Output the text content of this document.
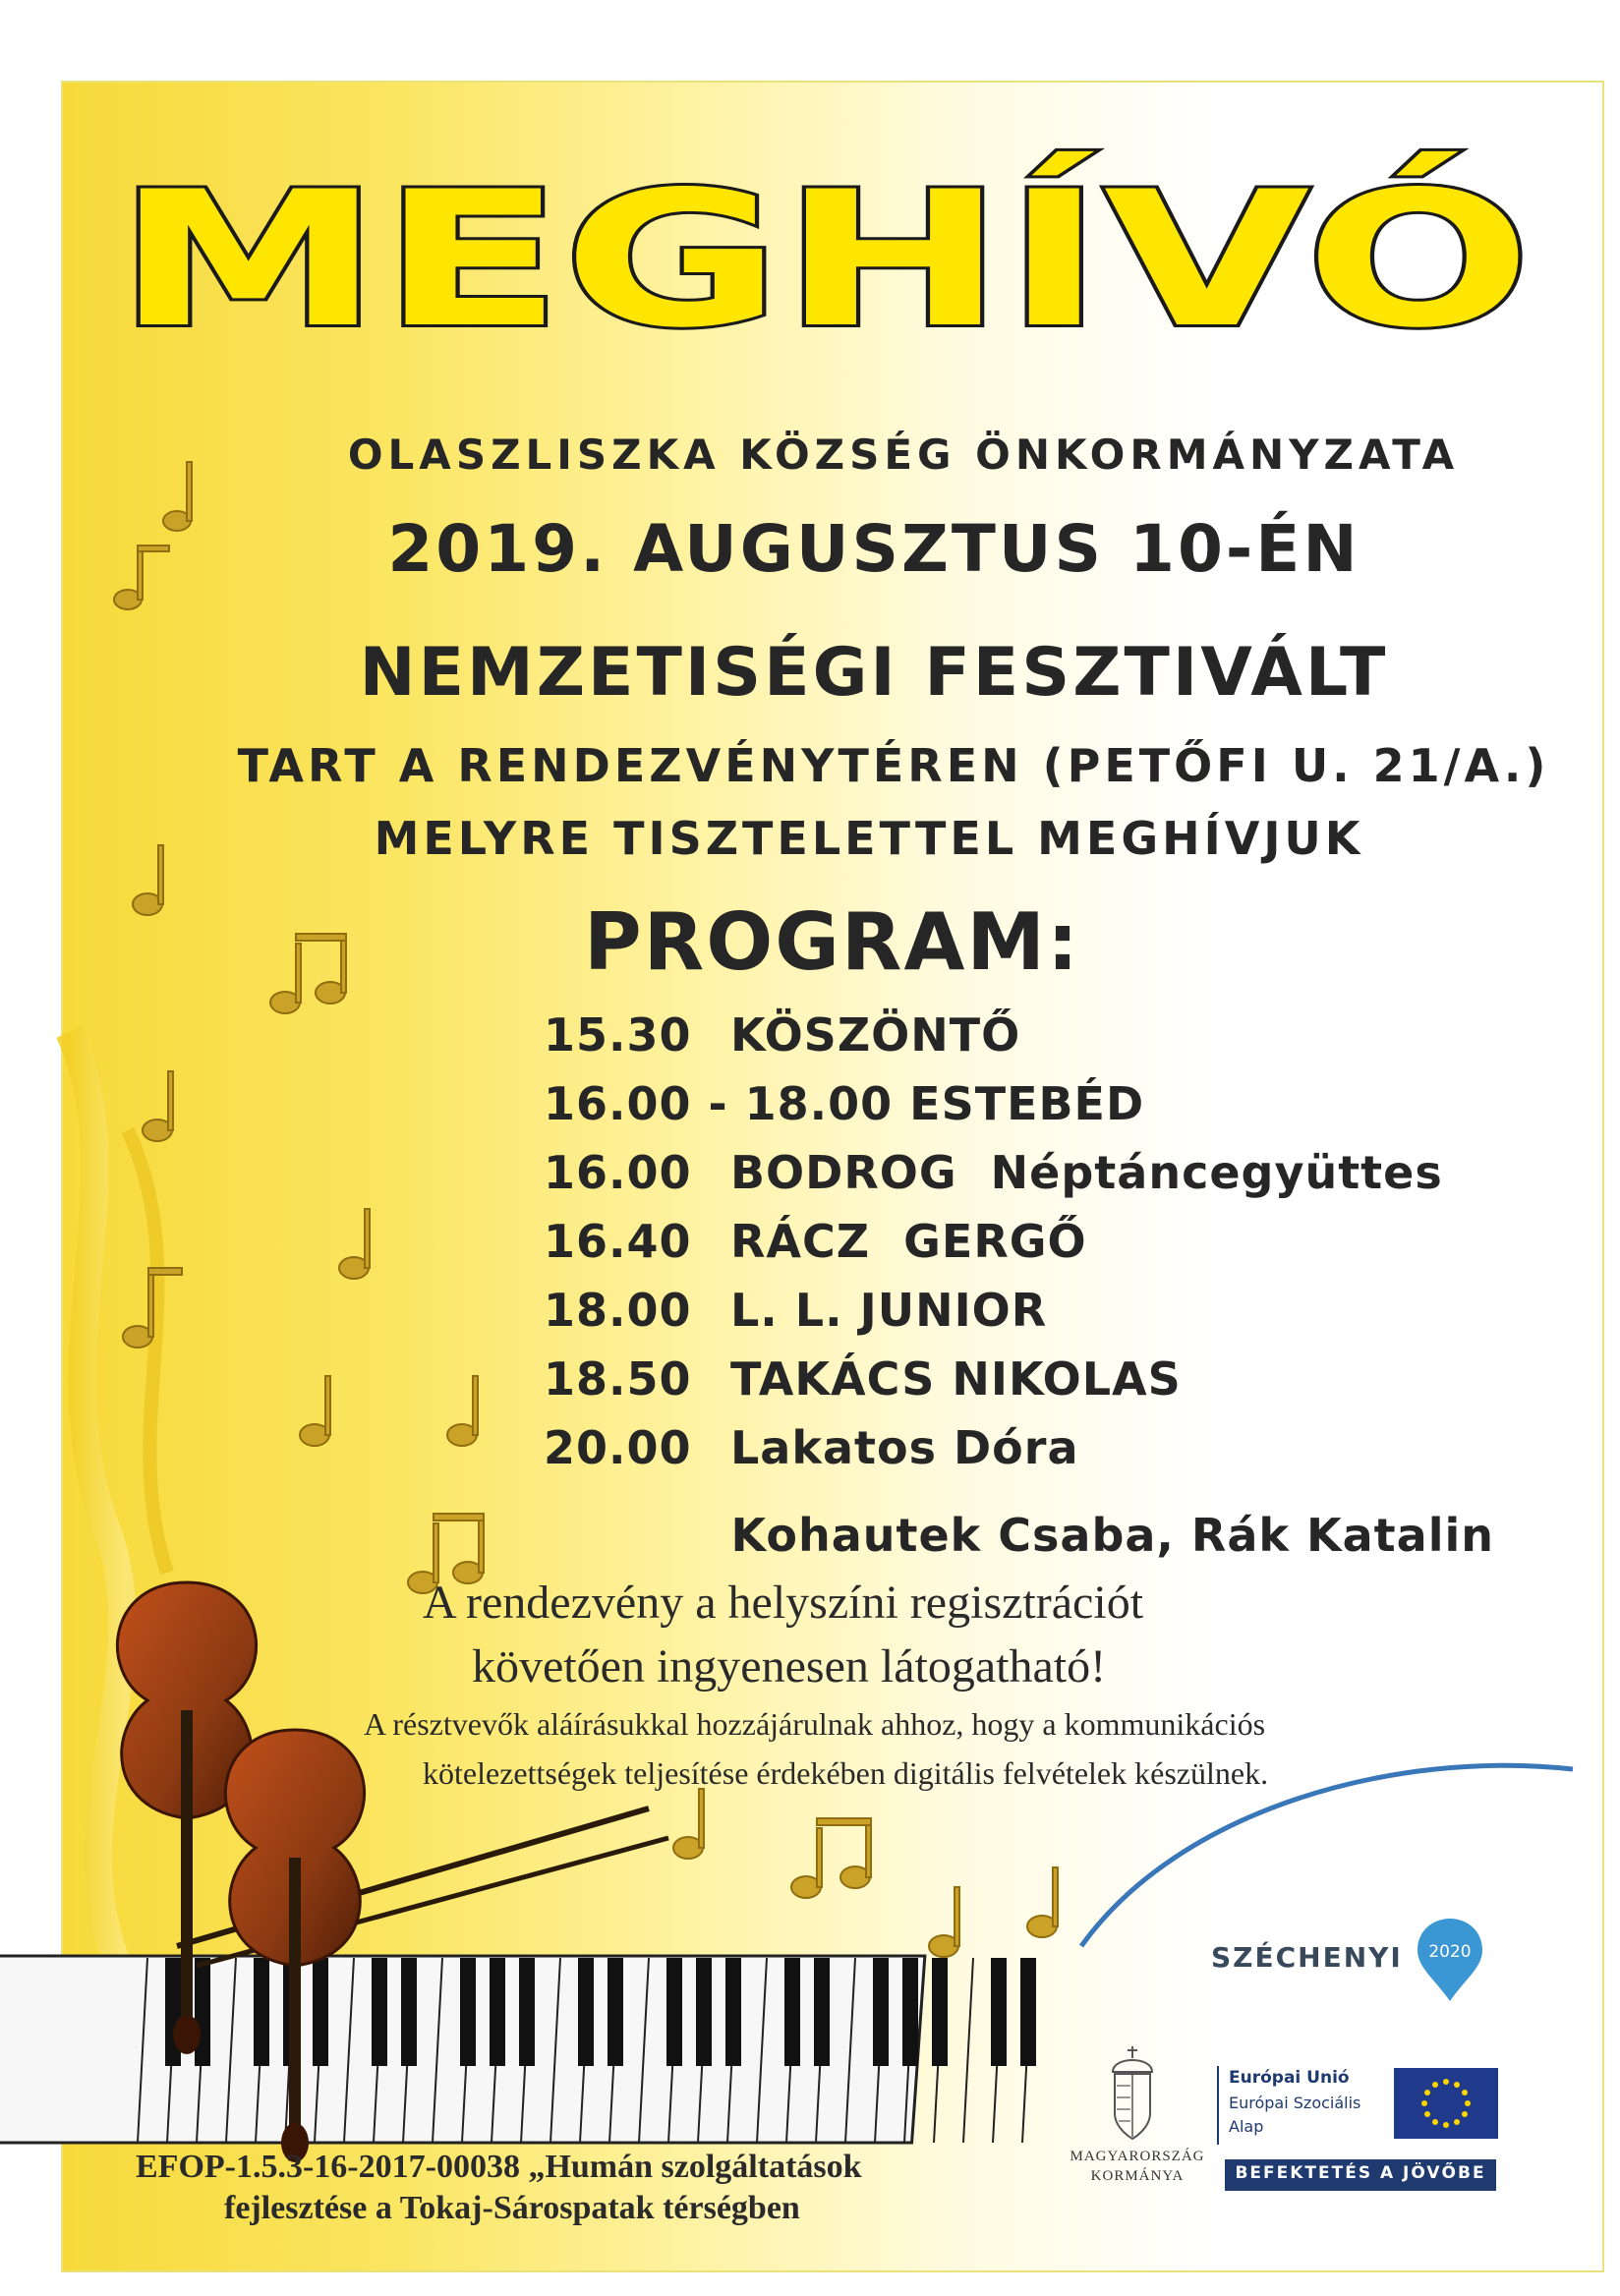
MEGHÍVÓ

OLASZLISZKA KÖZSÉG ÖNKORMÁNYZATA

2019. AUGUSZTUS 10-ÉN

NEMZETISÉGI FESZTIVÁLT

TART A RENDEZVÉNYTÉREN (PETŐFI U. 21/A.)

MELYRE TISZTELETTEL MEGHÍVJUK

PROGRAM:

15.30 KÖSZÖNTŐ
16.00 - 18.00 ESTEBÉD
16.00 BODROG  Néptáncegyüttes
16.40 RÁCZ  GERGŐ
18.00 L. L. JUNIOR
18.50 TAKÁCS NIKOLAS
20.00 Lakatos Dóra

Kohautek Csaba, Rák Katalin

A rendezvény a helyszíni regisztrációt

követően ingyenesen látogatható!

A résztvevők aláírásukkal hozzájárulnak ahhoz, hogy a kommunikációs

kötelezettségek teljesítése érdekében digitális felvételek készülnek.

EFOP-1.5.3-16-2017-00038 „Humán szolgáltatások

fejlesztése a Tokaj-Sárospatak térségben

SZÉCHENYI	2020

MAGYARORSZÁG

KORMÁNYA

Európai Unió

Európai Szociális

Alap

BEFEKTETÉS A JÖVŐBE
